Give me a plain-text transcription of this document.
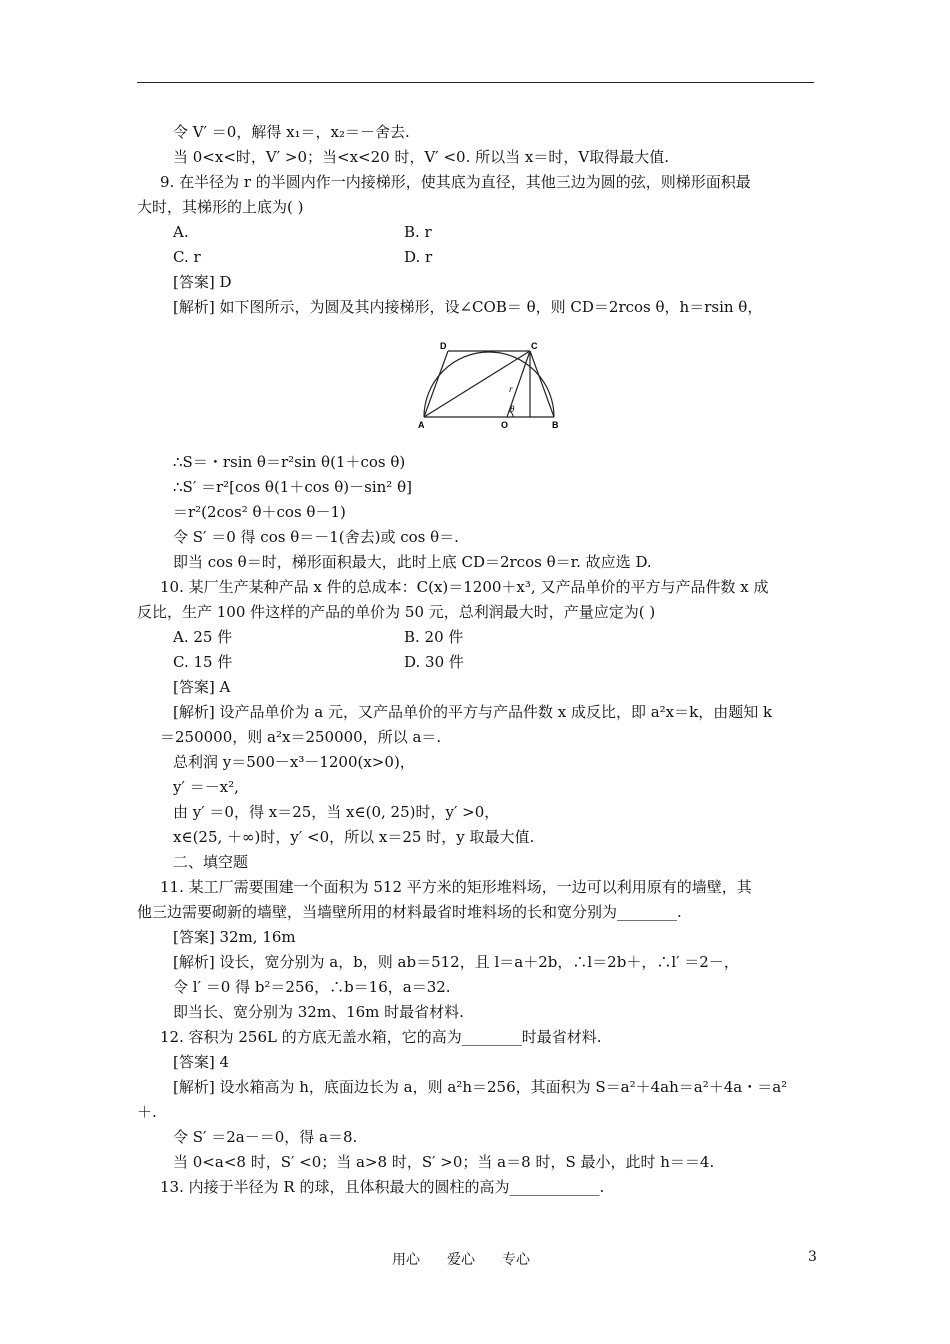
令 V′ ＝0，解得 x₁＝，x₂＝－舍去.
当 0<x<时，V′ >0；当<x<20 时，V′ <0. 所以当 x＝时，V取得最大值.
9. 在半径为 r 的半圆内作一内接梯形，使其底为直径，其他三边为圆的弦，则梯形面积最
大时，其梯形的上底为( )
A.	B. r
C. r	D. r
[答案] D
[解析] 如下图所示，为圆及其内接梯形，设∠COB＝ θ，则 CD＝2rcos θ，h＝rsin θ，
D	C
A	O	B
r
θ
∴S＝・rsin θ＝r²sin θ(1＋cos θ)
∴S′ ＝r²[cos θ(1＋cos θ)－sin² θ]
＝r²(2cos² θ＋cos θ－1)
令 S′ ＝0 得 cos θ＝－1(舍去)或 cos θ＝.
即当 cos θ＝时，梯形面积最大，此时上底 CD＝2rcos θ＝r. 故应选 D.
10. 某厂生产某种产品 x 件的总成本：C(x)＝1200＋x³, 又产品单价的平方与产品件数 x 成
反比，生产 100 件这样的产品的单价为 50 元，总利润最大时，产量应定为( )
A. 25 件	B. 20 件
C. 15 件	D. 30 件
[答案] A
[解析] 设产品单价为 a 元，又产品单价的平方与产品件数 x 成反比，即 a²x＝k，由题知 k
＝250000，则 a²x＝250000，所以 a＝.
总利润 y＝500－x³－1200(x>0)，
y′ ＝－x²,
由 y′ ＝0，得 x＝25，当 x∈(0, 25)时，y′ >0，
x∈(25, ＋∞)时，y′ <0，所以 x＝25 时，y 取最大值.
二、填空题
11. 某工厂需要围建一个面积为 512 平方米的矩形堆料场，一边可以利用原有的墙壁，其
他三边需要砌新的墙壁，当墙壁所用的材料最省时堆料场的长和宽分别为________.
[答案] 32m, 16m
[解析] 设长，宽分别为 a，b，则 ab＝512，且 l＝a＋2b，∴l＝2b＋，∴l′ ＝2－，
令 l′ ＝0 得 b²＝256，∴b＝16，a＝32.
即当长、宽分别为 32m、16m 时最省材料.
12. 容积为 256L 的方底无盖水箱，它的高为________时最省材料.
[答案] 4
[解析] 设水箱高为 h，底面边长为 a，则 a²h＝256，其面积为 S＝a²＋4ah＝a²＋4a・＝a²
＋.
令 S′ ＝2a－＝0，得 a＝8.
当 0<a<8 时，S′ <0；当 a>8 时，S′ >0；当 a＝8 时，S 最小，此时 h＝＝4.
13. 内接于半径为 R 的球，且体积最大的圆柱的高为____________.
用心 爱心 专心	3
